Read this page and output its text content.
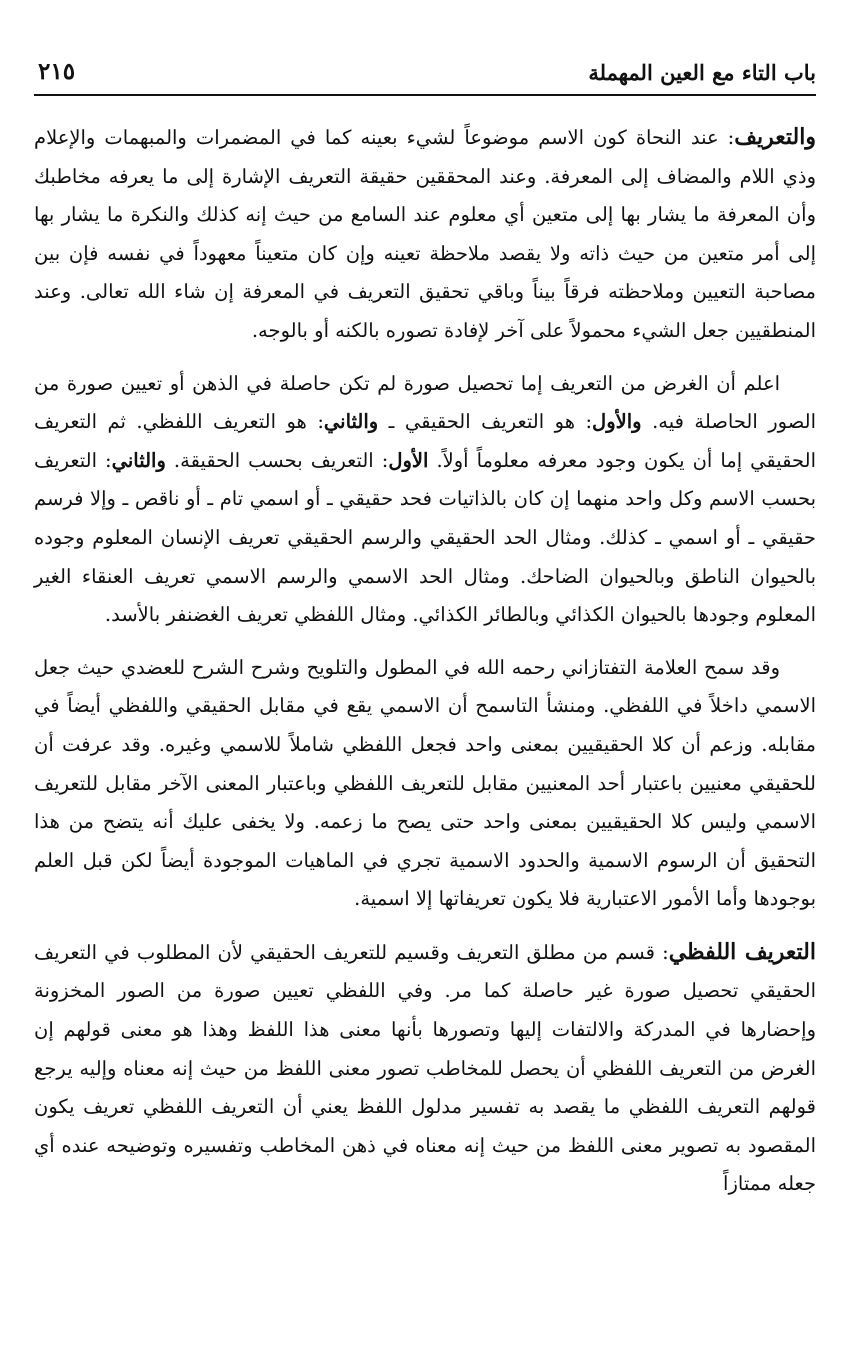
باب التاء مع العين المهملة
٢١٥

والتعريف: عند النحاة كون الاسم موضوعاً لشيء بعينه كما في المضمرات والمبهمات والإعلام وذي اللام والمضاف إلى المعرفة. وعند المحققين حقيقة التعريف الإشارة إلى ما يعرفه مخاطبك وأن المعرفة ما يشار بها إلى متعين أي معلوم عند السامع من حيث إنه كذلك والنكرة ما يشار بها إلى أمر متعين من حيث ذاته ولا يقصد ملاحظة تعينه وإن كان متعيناً معهوداً في نفسه فإن بين مصاحبة التعيين وملاحظته فرقاً بيناً وباقي تحقيق التعريف في المعرفة إن شاء الله تعالى. وعند المنطقيين جعل الشيء محمولاً على آخر لإفادة تصوره بالكنه أو بالوجه.

اعلم أن الغرض من التعريف إما تحصيل صورة لم تكن حاصلة في الذهن أو تعيين صورة من الصور الحاصلة فيه. والأول: هو التعريف الحقيقي ـ والثاني: هو التعريف اللفظي. ثم التعريف الحقيقي إما أن يكون وجود معرفه معلوماً أولاً. الأول: التعريف بحسب الحقيقة. والثاني: التعريف بحسب الاسم وكل واحد منهما إن كان بالذاتيات فحد حقيقي ـ أو اسمي تام ـ أو ناقص ـ وإلا فرسم حقيقي ـ أو اسمي ـ كذلك. ومثال الحد الحقيقي والرسم الحقيقي تعريف الإنسان المعلوم وجوده بالحيوان الناطق وبالحيوان الضاحك. ومثال الحد الاسمي والرسم الاسمي تعريف العنقاء الغير المعلوم وجودها بالحيوان الكذائي وبالطائر الكذائي. ومثال اللفظي تعريف الغضنفر بالأسد.

وقد سمح العلامة التفتازاني رحمه الله في المطول والتلويح وشرح الشرح للعضدي حيث جعل الاسمي داخلاً في اللفظي. ومنشأ التاسمح أن الاسمي يقع في مقابل الحقيقي واللفظي أيضاً في مقابله. وزعم أن كلا الحقيقيين بمعنى واحد فجعل اللفظي شاملاً للاسمي وغيره. وقد عرفت أن للحقيقي معنيين باعتبار أحد المعنيين مقابل للتعريف اللفظي وباعتبار المعنى الآخر مقابل للتعريف الاسمي وليس كلا الحقيقيين بمعنى واحد حتى يصح ما زعمه. ولا يخفى عليك أنه يتضح من هذا التحقيق أن الرسوم الاسمية والحدود الاسمية تجري في الماهيات الموجودة أيضاً لكن قبل العلم بوجودها وأما الأمور الاعتبارية فلا يكون تعريفاتها إلا اسمية.

التعريف اللفظي: قسم من مطلق التعريف وقسيم للتعريف الحقيقي لأن المطلوب في التعريف الحقيقي تحصيل صورة غير حاصلة كما مر. وفي اللفظي تعيين صورة من الصور المخزونة وإحضارها في المدركة والالتفات إليها وتصورها بأنها معنى هذا اللفظ وهذا هو معنى قولهم إن الغرض من التعريف اللفظي أن يحصل للمخاطب تصور معنى اللفظ من حيث إنه معناه وإليه يرجع قولهم التعريف اللفظي ما يقصد به تفسير مدلول اللفظ يعني أن التعريف اللفظي تعريف يكون المقصود به تصوير معنى اللفظ من حيث إنه معناه في ذهن المخاطب وتفسيره وتوضيحه عنده أي جعله ممتازاً
